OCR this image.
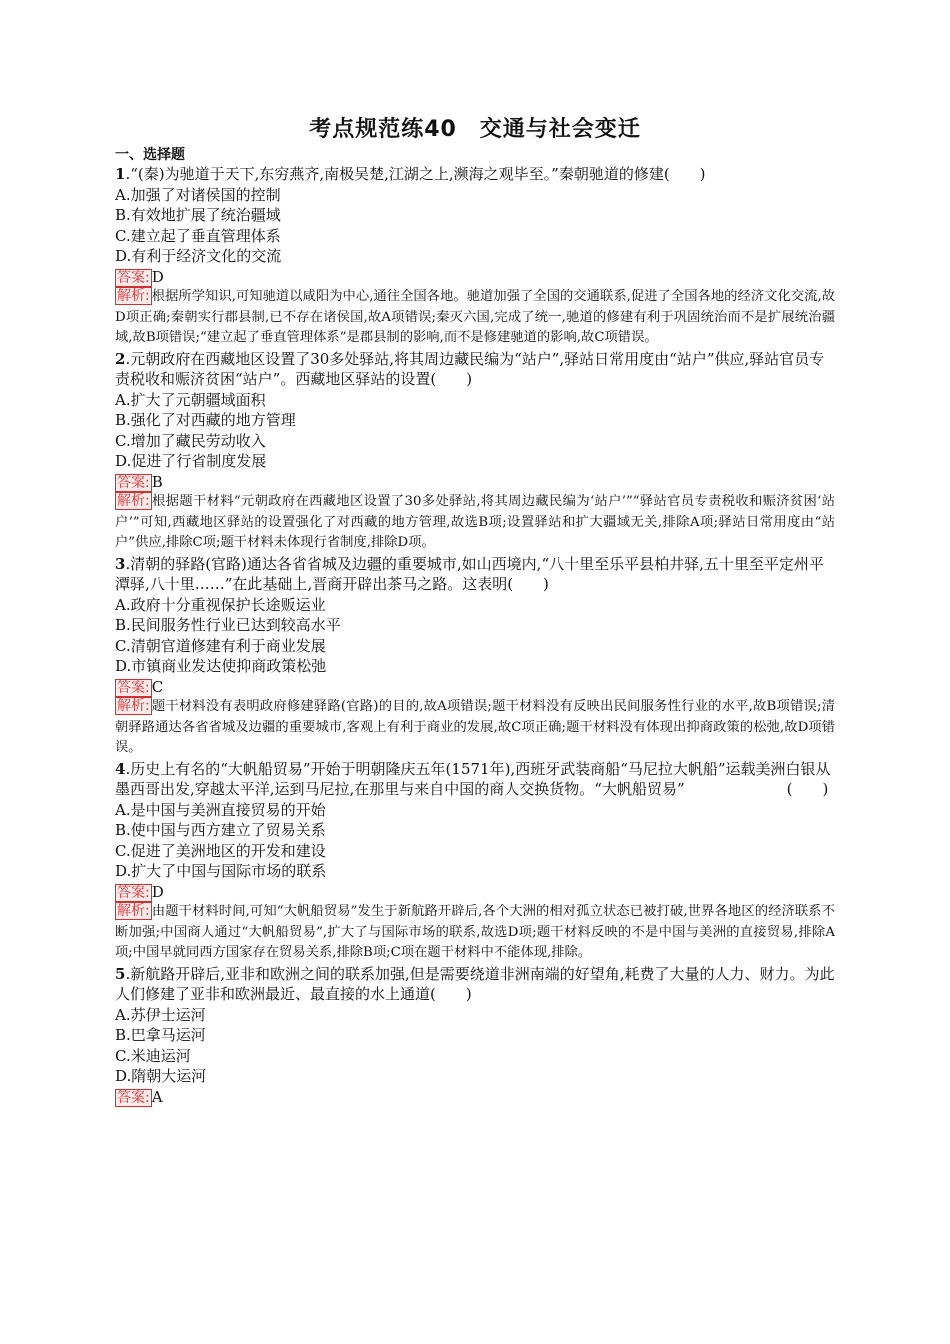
考点规范练40　交通与社会变迁

一、选择题

1.“(秦)为驰道于天下,东穷燕齐,南极吴楚,江湖之上,濒海之观毕至。”秦朝驰道的修建(　　)

A.加强了对诸侯国的控制

B.有效地扩展了统治疆域

C.建立起了垂直管理体系

D.有利于经济文化的交流

答案: D

解析: 根据所学知识,可知驰道以咸阳为中心,通往全国各地。驰道加强了全国的交通联系,促进了全国各地的经济文化交流,故D项正确;秦朝实行郡县制,已不存在诸侯国,故A项错误;秦灭六国,完成了统一,驰道的修建有利于巩固统治而不是扩展统治疆域,故B项错误;“建立起了垂直管理体系”是郡县制的影响,而不是修建驰道的影响,故C项错误。

2.元朝政府在西藏地区设置了30多处驿站,将其周边藏民编为“站户”,驿站日常用度由“站户”供应,驿站官员专责税收和赈济贫困“站户”。西藏地区驿站的设置(　　)

A.扩大了元朝疆域面积

B.强化了对西藏的地方管理

C.增加了藏民劳动收入

D.促进了行省制度发展

答案: B

解析: 根据题干材料“元朝政府在西藏地区设置了30多处驿站,将其周边藏民编为‘站户’”“驿站官员专责税收和赈济贫困‘站户’”可知,西藏地区驿站的设置强化了对西藏的地方管理,故选B项;设置驿站和扩大疆域无关,排除A项;驿站日常用度由“站户”供应,排除C项;题干材料未体现行省制度,排除D项。

3.清朝的驿路(官路)通达各省省城及边疆的重要城市,如山西境内,“八十里至乐平县柏井驿,五十里至平定州平潭驿,八十里……”在此基础上,晋商开辟出茶马之路。这表明(　　)

A.政府十分重视保护长途贩运业

B.民间服务性行业已达到较高水平

C.清朝官道修建有利于商业发展

D.市镇商业发达使抑商政策松弛

答案: C

解析: 题干材料没有表明政府修建驿路(官路)的目的,故A项错误;题干材料没有反映出民间服务性行业的水平,故B项错误;清朝驿路通达各省省城及边疆的重要城市,客观上有利于商业的发展,故C项正确;题干材料没有体现出抑商政策的松弛,故D项错误。

4.历史上有名的“大帆船贸易”开始于明朝隆庆五年(1571年),西班牙武装商船“马尼拉大帆船”运载美洲白银从墨西哥出发,穿越太平洋,运到马尼拉,在那里与来自中国的商人交换货物。“大帆船贸易”	(　　)

A.是中国与美洲直接贸易的开始

B.使中国与西方建立了贸易关系

C.促进了美洲地区的开发和建设

D.扩大了中国与国际市场的联系

答案: D

解析: 由题干材料时间,可知“大帆船贸易”发生于新航路开辟后,各个大洲的相对孤立状态已被打破,世界各地区的经济联系不断加强;中国商人通过“大帆船贸易”,扩大了与国际市场的联系,故选D项;题干材料反映的不是中国与美洲的直接贸易,排除A项;中国早就同西方国家存在贸易关系,排除B项;C项在题干材料中不能体现,排除。

5.新航路开辟后,亚非和欧洲之间的联系加强,但是需要绕道非洲南端的好望角,耗费了大量的人力、财力。为此人们修建了亚非和欧洲最近、最直接的水上通道(　　)

A.苏伊士运河

B.巴拿马运河

C.米迪运河

D.隋朝大运河

答案: A
